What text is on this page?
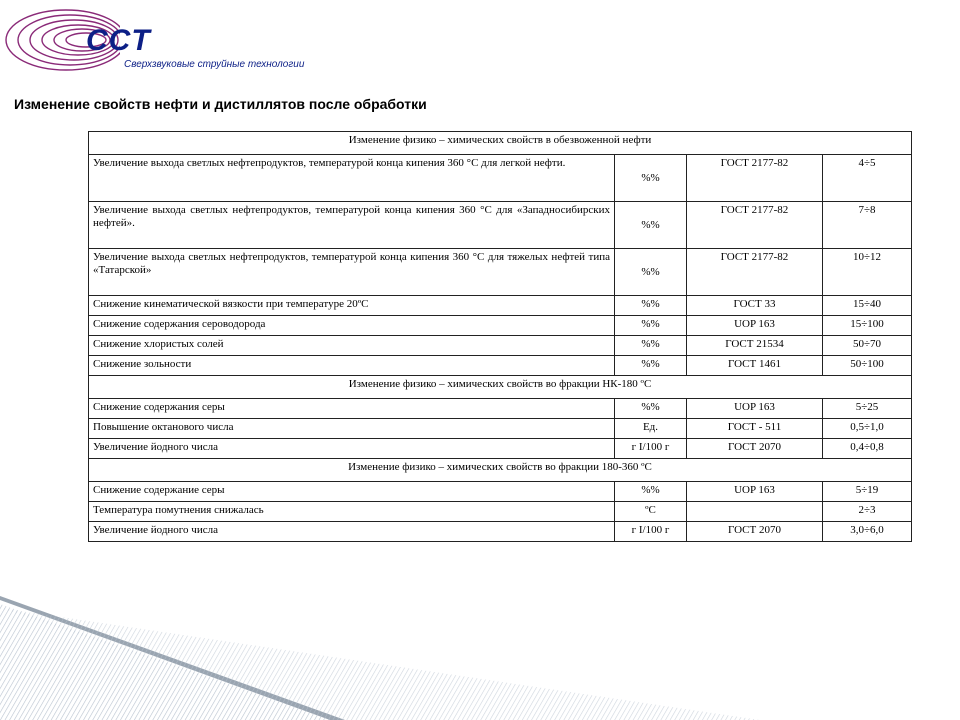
CCT
Сверхзвуковые струйные технологии
Изменение свойств нефти и дистиллятов после обработки
Изменение физико – химических свойств в обезвоженной нефти			
Увеличение выхода светлых нефтепродуктов, температурой конца кипения 360 °С для легкой нефти.	%%	ГОСТ 2177-82	4÷5
Увеличение выхода светлых нефтепродуктов, температурой конца кипения 360 °С для «Западносибирских нефтей».	%%	ГОСТ 2177-82	7÷8
Увеличение выхода светлых нефтепродуктов, температурой конца кипения 360 °С для тяжелых нефтей типа «Татарской»	%%	ГОСТ 2177-82	10÷12
Снижение кинематической вязкости при температуре 20ºС	%%	ГОСТ 33	15÷40
Снижение содержания сероводорода	%%	UOP 163	15÷100
Снижение хлористых солей	%%	ГОСТ 21534	50÷70
Снижение зольности	%%	ГОСТ 1461	50÷100
Изменение физико – химических свойств во фракции НК-180 ºС			
Снижение содержания серы	%%	UOP 163	5÷25
Повышение октанового числа	Ед.	ГОСТ - 511	0,5÷1,0
Увеличение йодного числа	г I/100 г	ГОСТ 2070	0,4÷0,8
Изменение физико – химических свойств во фракции 180-360 ºС			
Снижение содержание серы	%%	UOP 163	5÷19
Температура помутнения снижалась	ºС		2÷3
Увеличение йодного числа	г I/100 г	ГОСТ 2070	3,0÷6,0
